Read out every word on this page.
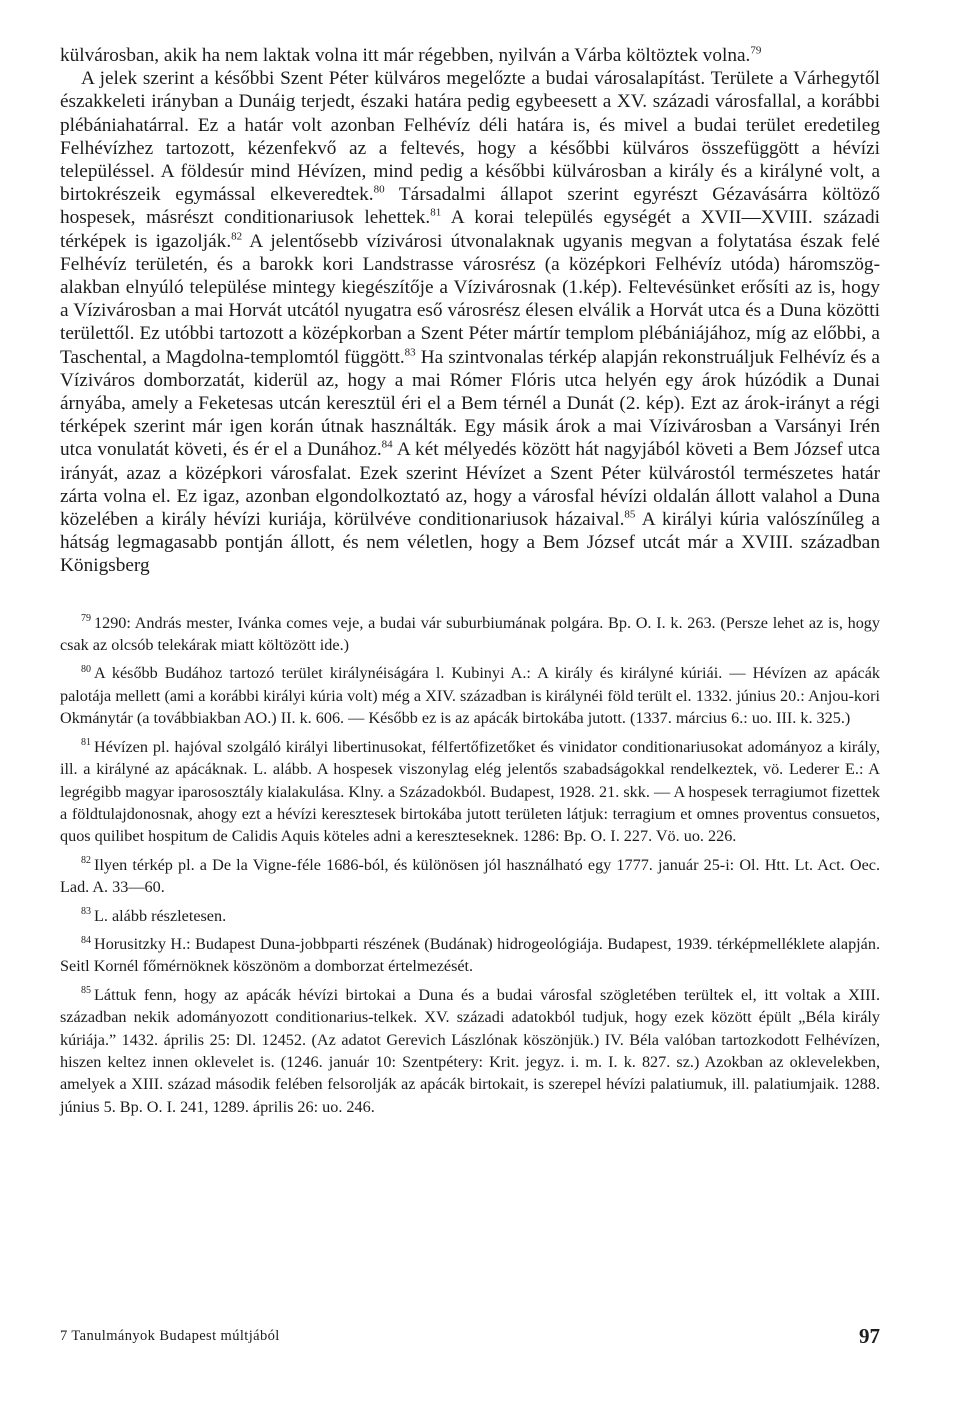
külvárosban, akik ha nem laktak volna itt már régebben, nyilván a Várba költöztek volna.$^{79}$

A jelek szerint a későbbi Szent Péter külváros megelőzte a budai városalapítást. Területe a Várhegytől északkeleti irányban a Dunáig terjedt, északi határa pedig egybeesett a XV. századi városfallal, a korábbi plébániahatárral. Ez a határ volt azonban Felhévíz déli határa is, és mivel a budai terület eredetileg Felhévízhez tartozott, kézenfekvő az a feltevés, hogy a későbbi külváros összefüggött a hévízi településsel. A földesúr mind Hévízen, mind pedig a későbbi külvárosban a király és a királyné volt, a birtokrészeik egymással elkeveredtek.$^{80}$ Társadalmi állapot szerint egyrészt Gézavásárra költöző hospesek, másrészt conditionariusok lehettek.$^{81}$ A korai település egységét a XVII—XVIII. századi térképek is igazolják.$^{82}$ A jelentősebb vízivárosi útvonalaknak ugyanis megvan a folytatása észak felé Felhévíz területén, és a barokk kori Landstrasse városrész (a középkori Felhévíz utóda) háromszög-alakban elnyúló települése mintegy kiegészítője a Vízivárosnak (1.kép). Feltevésünket erősíti az is, hogy a Vízivárosban a mai Horvát utcától nyugatra eső városrész élesen elválik a Horvát utca és a Duna közötti területtől. Ez utóbbi tartozott a középkorban a Szent Péter mártír templom plébániájához, míg az előbbi, a Taschental, a Magdolna-templomtól függött.$^{83}$ Ha szintvonalas térkép alapján rekonstruáljuk Felhévíz és a Víziváros domborzatát, kiderül az, hogy a mai Rómer Flóris utca helyén egy árok húzódik a Dunai árnyába, amely a Feketesas utcán keresztül éri el a Bem térnél a Dunát (2. kép). Ezt az árok-irányt a régi térképek szerint már igen korán útnak használták. Egy másik árok a mai Vízivárosban a Varsányi Irén utca vonulatát követi, és ér el a Dunához.$^{84}$ A két mélyedés között hát nagyjából követi a Bem József utca irányát, azaz a középkori városfalat. Ezek szerint Hévízet a Szent Péter külvárostól természetes határ zárta volna el. Ez igaz, azonban elgondolkoztató az, hogy a városfal hévízi oldalán állott valahol a Duna közelében a király hévízi kuriája, körülvéve conditionariusok házaival.$^{85}$ A királyi kúria valószínűleg a hátság legmagasabb pontján állott, és nem véletlen, hogy a Bem József utcát már a XVIII. században Königsberg

$^{79}$ 1290: András mester, Ivánka comes veje, a budai vár suburbiumának polgára. Bp. O. I. k. 263. (Persze lehet az is, hogy csak az olcsób telekárak miatt költözött ide.)

$^{80}$ A később Budához tartozó terület királynéiságára l. Kubinyi A.: A király és királyné kúriái. — Hévízen az apácák palotája mellett (ami a korábbi királyi kúria volt) még a XIV. században is királynéi föld terült el. 1332. június 20.: Anjou-kori Okmánytár (a továbbiakban AO.) II. k. 606. — Később ez is az apácák birtokába jutott. (1337. március 6.: uo. III. k. 325.)

$^{81}$ Hévízen pl. hajóval szolgáló királyi libertinusokat, félfertőfizetőket és vinidator conditionariusokat adományoz a király, ill. a királyné az apácáknak. L. alább. A hospesek viszonylag elég jelentős szabadságokkal rendelkeztek, vö. Lederer E.: A legrégibb magyar iparososztály kialakulása. Klny. a Századokból. Budapest, 1928. 21. skk. — A hospesek terragiumot fizettek a földtulajdonosnak, ahogy ezt a hévízi keresztesek birtokába jutott területen látjuk: terragium et omnes proventus consuetos, quos quilibet hospitum de Calidis Aquis köteles adni a kereszteseknek. 1286: Bp. O. I. 227. Vö. uo. 226.

$^{82}$ Ilyen térkép pl. a De la Vigne-féle 1686-ból, és különösen jól használható egy 1777. január 25-i: Ol. Htt. Lt. Act. Oec. Lad. A. 33—60.

$^{83}$ L. alább részletesen.

$^{84}$ Horusitzky H.: Budapest Duna-jobbparti részének (Budának) hidrogeológiája. Budapest, 1939. térképmelléklete alapján. Seitl Kornél főmérnöknek köszönöm a domborzat értelmezését.

$^{85}$ Láttuk fenn, hogy az apácák hévízi birtokai a Duna és a budai városfal szögletében terültek el, itt voltak a XIII. században nekik adományozott conditionarius-telkek. XV. századi adatokból tudjuk, hogy ezek között épült „Béla király kúriája.” 1432. április 25: Dl. 12452. (Az adatot Gerevich Lászlónak köszönjük.) IV. Béla valóban tartozkodott Felhévízen, hiszen keltez innen oklevelet is. (1246. január 10: Szentpétery: Krit. jegyz. i. m. I. k. 827. sz.) Azokban az oklevelekben, amelyek a XIII. század második felében felsorolják az apácák birtokait, is szerepel hévízi palatiumuk, ill. palatiumjaik. 1288. június 5. Bp. O. I. 241, 1289. április 26: uo. 246.

7 Tanulmányok Budapest múltjából	97
